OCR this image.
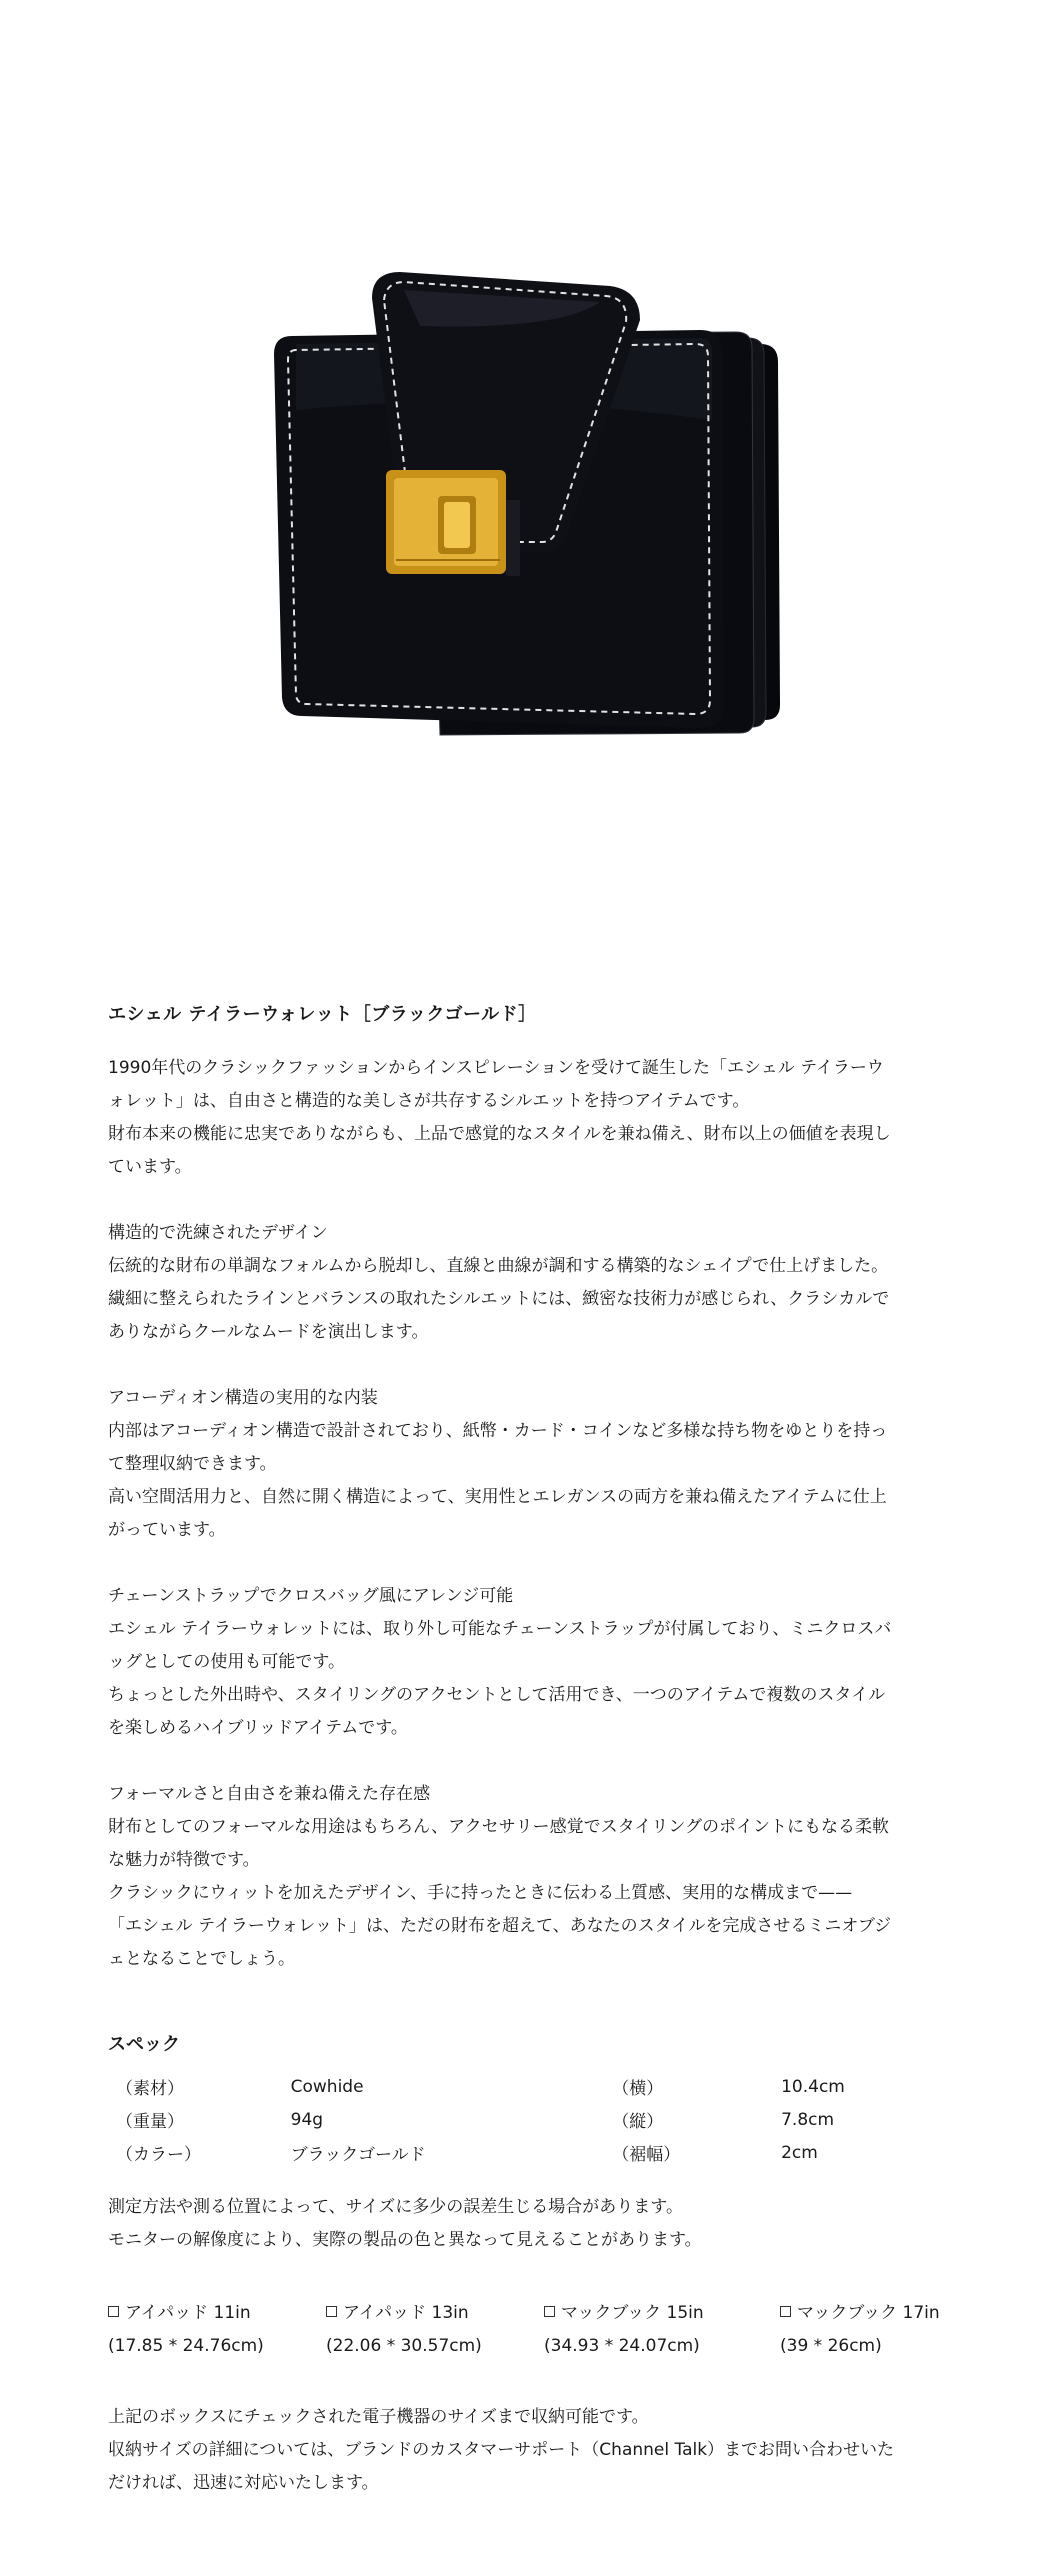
エシェル テイラーウォレット［ブラックゴールド］

1990年代のクラシックファッションからインスピレーションを受けて誕生した「エシェル テイラーウ
ォレット」は、自由さと構造的な美しさが共存するシルエットを持つアイテムです。
財布本来の機能に忠実でありながらも、上品で感覚的なスタイルを兼ね備え、財布以上の価値を表現し
ています。

構造的で洗練されたデザイン

伝統的な財布の単調なフォルムから脱却し、直線と曲線が調和する構築的なシェイプで仕上げました。
繊細に整えられたラインとバランスの取れたシルエットには、緻密な技術力が感じられ、クラシカルで
ありながらクールなムードを演出します。

アコーディオン構造の実用的な内装

内部はアコーディオン構造で設計されており、紙幣・カード・コインなど多様な持ち物をゆとりを持っ
て整理収納できます。
高い空間活用力と、自然に開く構造によって、実用性とエレガンスの両方を兼ね備えたアイテムに仕上
がっています。

チェーンストラップでクロスバッグ風にアレンジ可能

エシェル テイラーウォレットには、取り外し可能なチェーンストラップが付属しており、ミニクロスバ
ッグとしての使用も可能です。
ちょっとした外出時や、スタイリングのアクセントとして活用でき、一つのアイテムで複数のスタイル
を楽しめるハイブリッドアイテムです。

フォーマルさと自由さを兼ね備えた存在感

財布としてのフォーマルな用途はもちろん、アクセサリー感覚でスタイリングのポイントにもなる柔軟
な魅力が特徴です。
クラシックにウィットを加えたデザイン、手に持ったときに伝わる上質感、実用的な構成まで——
「エシェル テイラーウォレット」は、ただの財布を超えて、あなたのスタイルを完成させるミニオブジ
ェとなることでしょう。

スペック
（素材）	Cowhide	（横）	10.4cm
（重量）	94g	（縦）	7.8cm
（カラー）	ブラックゴールド	（裾幅）	2cm

測定方法や測る位置によって、サイズに多少の誤差生じる場合があります。
モニターの解像度により、実際の製品の色と異なって見えることがあります。

アイパッド 11in
(17.85 * 24.76cm)
アイパッド 13in
(22.06 * 30.57cm)
マックブック 15in
(34.93 * 24.07cm)
マックブック 17in
(39 * 26cm)

上記のボックスにチェックされた電子機器のサイズまで収納可能です。
収納サイズの詳細については、ブランドのカスタマーサポート（Channel Talk）までお問い合わせいた
だければ、迅速に対応いたします。
